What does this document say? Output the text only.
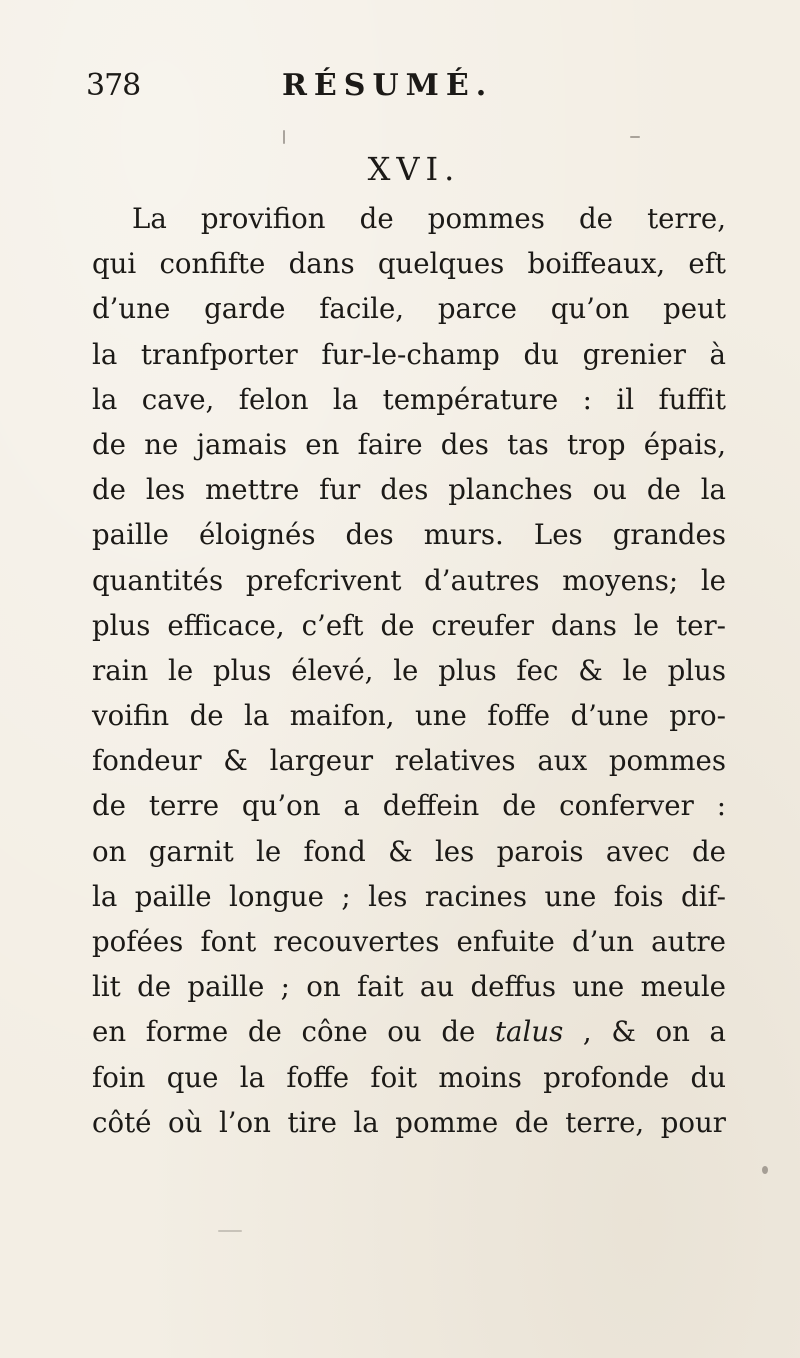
378	RÉSUMÉ.
XVI.
La provifion de pommes de terre,
qui confifte dans quelques boiffeaux, eft
d’une garde facile, parce qu’on peut
la tranfporter fur-le-champ du grenier à
la cave, felon la température : il fuffit
de ne jamais en faire des tas trop épais,
de les mettre fur des planches ou de la
paille éloignés des murs. Les grandes
quantités prefcrivent d’autres moyens; le
plus efficace, c’eft de creufer dans le ter-
rain le plus élevé, le plus fec & le plus
voifin de la maifon, une foffe d’une pro-
fondeur & largeur relatives aux pommes
de terre qu’on a deffein de conferver :
on garnit le fond & les parois avec de
la paille longue ; les racines une fois dif-
pofées font recouvertes enfuite d’un autre
lit de paille ; on fait au deffus une meule
en forme de cône ou de talus , & on a
foin que la foffe foit moins profonde du
côté où l’on tire la pomme de terre, pour
